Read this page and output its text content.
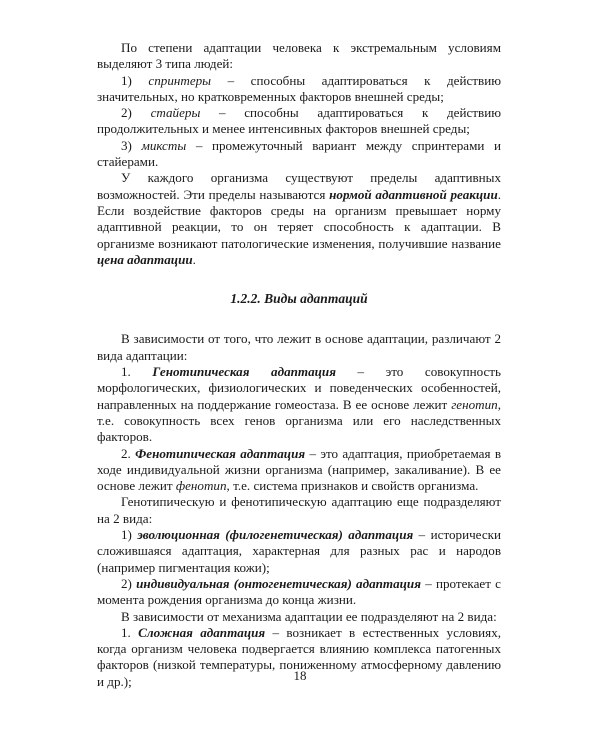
По степени адаптации человека к экстремальным условиям выделяют 3 типа людей:

1) спринтеры – способны адаптироваться к действию значительных, но кратковременных факторов внешней среды;

2) стайеры – способны адаптироваться к действию продолжительных и менее интенсивных факторов внешней среды;

3) миксты – промежуточный вариант между спринтерами и стайерами.

У каждого организма существуют пределы адаптивных возможностей. Эти пределы называются нормой адаптивной реакции. Если воздействие факторов среды на организм превышает норму адаптивной реакции, то он теряет способность к адаптации. В организме возникают патологические изменения, получившие название цена адаптации.

1.2.2. Виды адаптаций

В зависимости от того, что лежит в основе адаптации, различают 2 вида адаптации:

1. Генотипическая адаптация – это совокупность морфологических, физиологических и поведенческих особенностей, направленных на поддержание гомеостаза. В ее основе лежит генотип, т.е. совокупность всех генов организма или его наследственных факторов.

2. Фенотипическая адаптация – это адаптация, приобретаемая в ходе индивидуальной жизни организма (например, закаливание). В ее основе лежит фенотип, т.е. система признаков и свойств организма.

Генотипическую и фенотипическую адаптацию еще подразделяют на 2 вида:

1) эволюционная (филогенетическая) адаптация – исторически сложившаяся адаптация, характерная для разных рас и народов (например пигментация кожи);

2) индивидуальная (онтогенетическая) адаптация – протекает с момента рождения организма до конца жизни.

В зависимости от механизма адаптации ее подразделяют на 2 вида:

1. Сложная адаптация – возникает в естественных условиях, когда организм человека подвергается влиянию комплекса патогенных факторов (низкой температуры, пониженному атмосферному давлению и др.);	18
